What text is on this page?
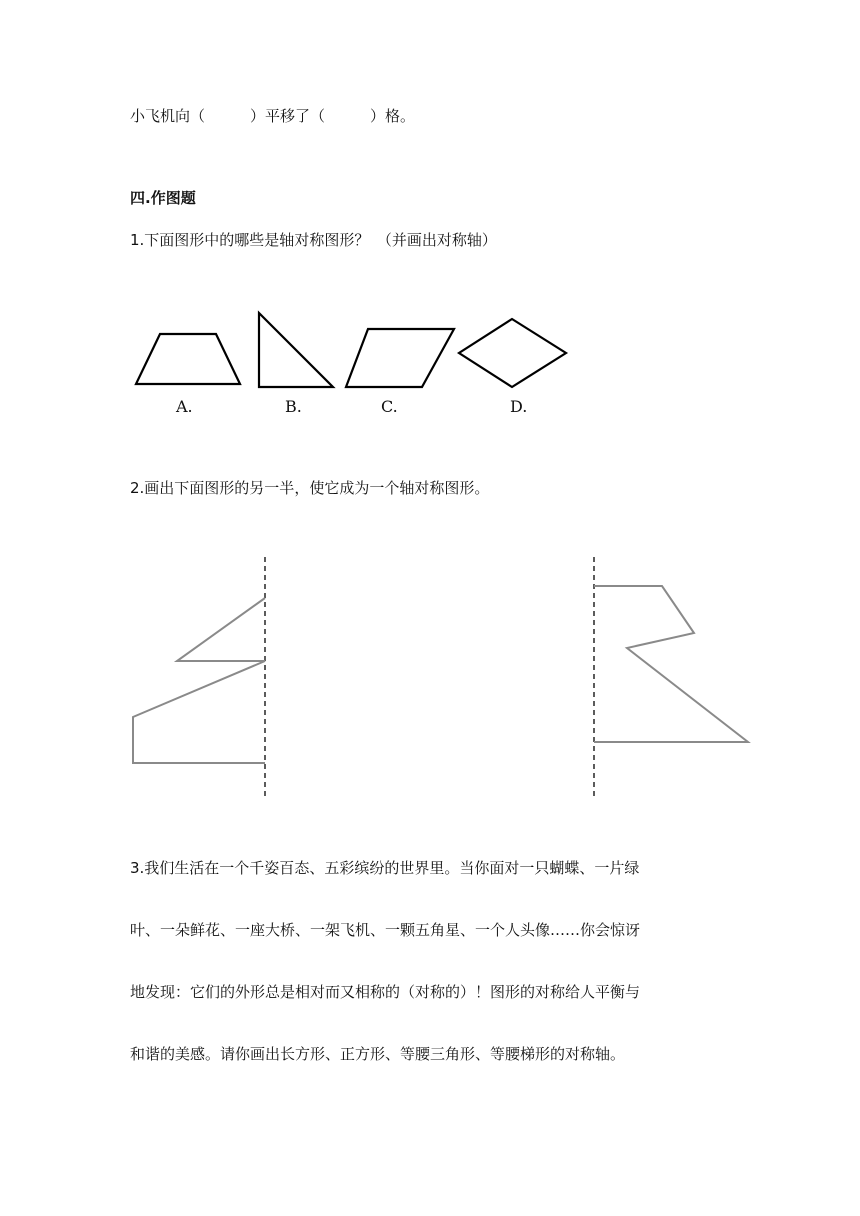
小飞机向（　　　）平移了（　　　）格。
四.作图题
1.下面图形中的哪些是轴对称图形？　（并画出对称轴）
A.	B.	C.	D.
2.画出下面图形的另一半，使它成为一个轴对称图形。
3.我们生活在一个千姿百态、五彩缤纷的世界里。当你面对一只蝴蝶、一片绿
叶、一朵鲜花、一座大桥、一架飞机、一颗五角星、一个人头像……你会惊讶
地发现：它们的外形总是相对而又相称的（对称的）！图形的对称给人平衡与
和谐的美感。请你画出长方形、正方形、等腰三角形、等腰梯形的对称轴。
